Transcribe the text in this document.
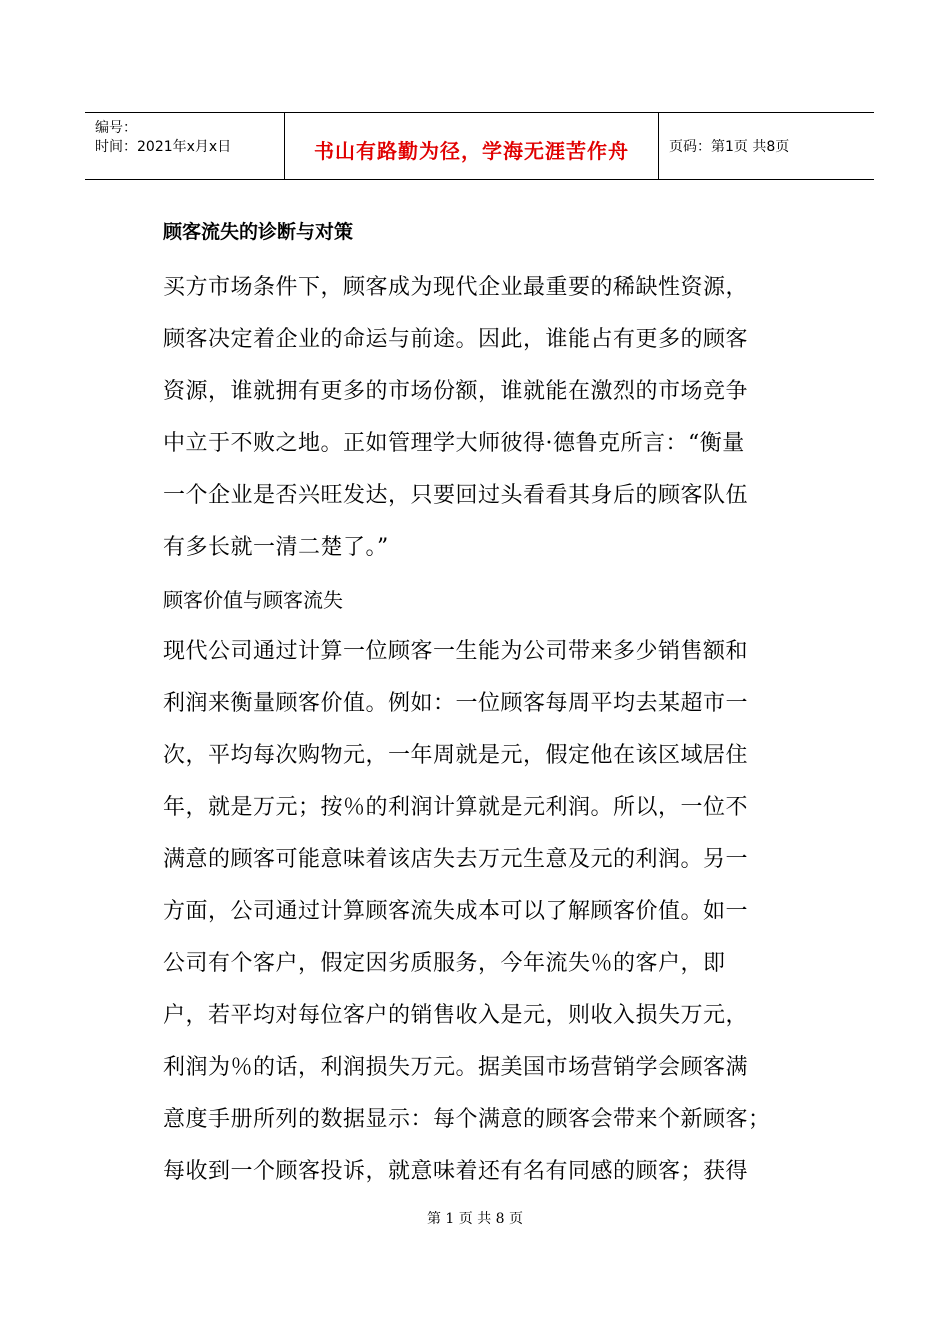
编号：
时间：2021年x月x日	书山有路勤为径，学海无涯苦作舟	页码：第1页 共8页
顾客流失的诊断与对策

买方市场条件下，顾客成为现代企业最重要的稀缺性资源，

顾客决定着企业的命运与前途。因此，谁能占有更多的顾客

资源，谁就拥有更多的市场份额，谁就能在激烈的市场竞争

中立于不败之地。正如管理学大师彼得·德鲁克所言：“衡量

一个企业是否兴旺发达，只要回过头看看其身后的顾客队伍

有多长就一清二楚了。”

顾客价值与顾客流失

现代公司通过计算一位顾客一生能为公司带来多少销售额和

利润来衡量顾客价值。例如：一位顾客每周平均去某超市一

次，平均每次购物元，一年周就是元，假定他在该区域居住

年，就是万元；按％的利润计算就是元利润。所以，一位不

满意的顾客可能意味着该店失去万元生意及元的利润。另一

方面，公司通过计算顾客流失成本可以了解顾客价值。如一

公司有个客户，假定因劣质服务，今年流失％的客户，即

户，若平均对每位客户的销售收入是元，则收入损失万元，

利润为％的话，利润损失万元。据美国市场营销学会顾客满

意度手册所列的数据显示：每个满意的顾客会带来个新顾客；

每收到一个顾客投诉，就意味着还有名有同感的顾客；获得

第 1 页 共 8 页
